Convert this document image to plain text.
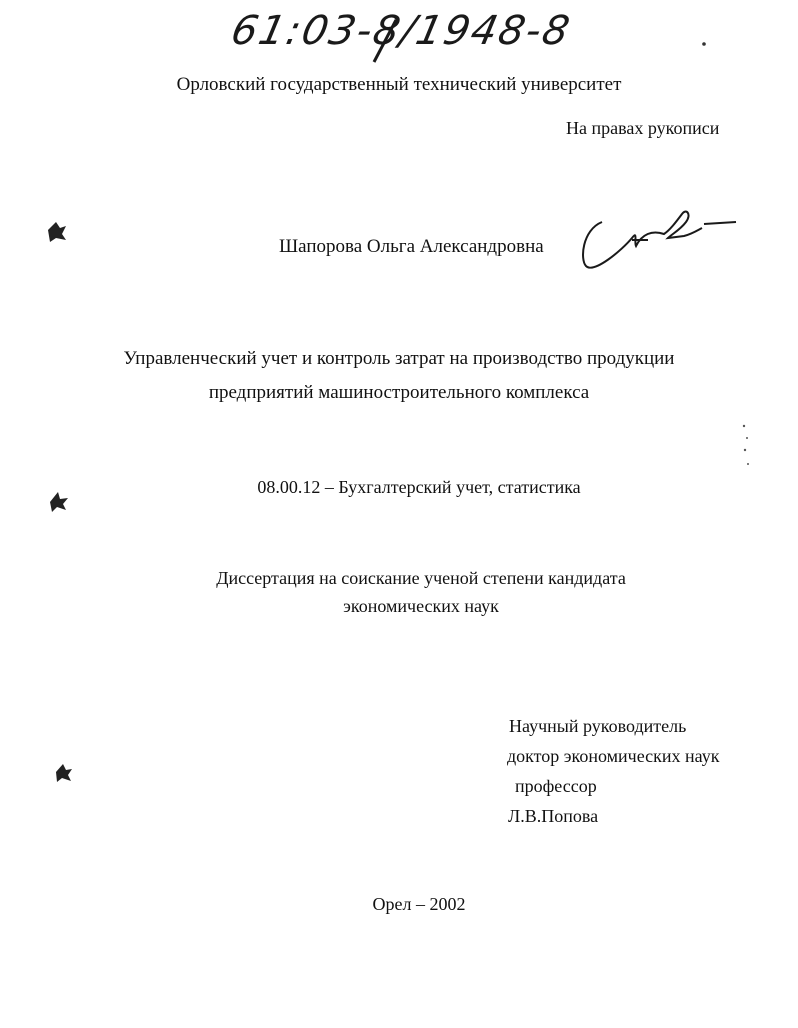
61:03-8/1948-8
Орловский государственный технический университет
На правах рукописи
Шапорова Ольга Александровна
Управленческий учет и контроль затрат на производство продукции
предприятий машиностроительного комплекса
08.00.12 – Бухгалтерский учет, статистика
Диссертация на соискание ученой степени кандидата
экономических наук
Научный руководитель
доктор экономических наук
профессор
Л.В.Попова
Орел – 2002
